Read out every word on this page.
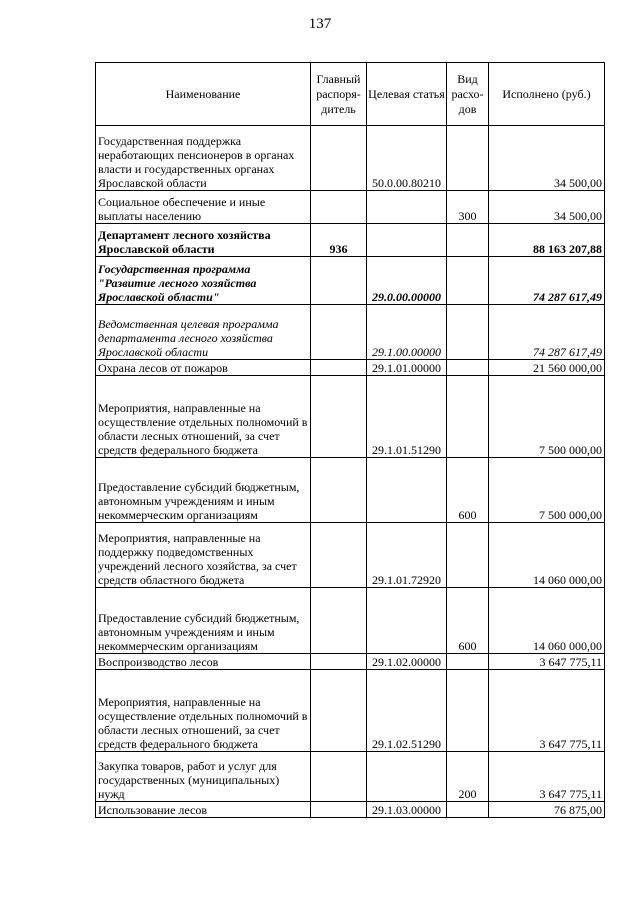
137
Наименование	Главный распоря-дитель	Целевая статья	Вид расхо-дов	Исполнено (руб.)
Государственная поддержка неработающих пенсионеров в органах власти и государственных органах Ярославской области		50.0.00.80210		34 500,00
Социальное обеспечение и иные выплаты населению			300	34 500,00
Департамент лесного хозяйства Ярославской области	936			88 163 207,88
Государственная программа "Развитие лесного хозяйства Ярославской области"		29.0.00.00000		74 287 617,49
Ведомственная целевая программа департамента лесного хозяйства Ярославской области		29.1.00.00000		74 287 617,49
Охрана лесов от пожаров		29.1.01.00000		21 560 000,00
Мероприятия, направленные на осуществление отдельных полномочий в области лесных отношений, за счет средств федерального бюджета		29.1.01.51290		7 500 000,00
Предоставление субсидий бюджетным, автономным учреждениям и иным некоммерческим организациям			600	7 500 000,00
Мероприятия, направленные на поддержку подведомственных учреждений лесного хозяйства, за счет средств областного бюджета		29.1.01.72920		14 060 000,00
Предоставление субсидий бюджетным, автономным учреждениям и иным некоммерческим организациям			600	14 060 000,00
Воспроизводство лесов		29.1.02.00000		3 647 775,11
Мероприятия, направленные на осуществление отдельных полномочий в области лесных отношений, за счет средств федерального бюджета		29.1.02.51290		3 647 775,11
Закупка товаров, работ и услуг для государственных (муниципальных) нужд			200	3 647 775,11
Использование лесов		29.1.03.00000		76 875,00
